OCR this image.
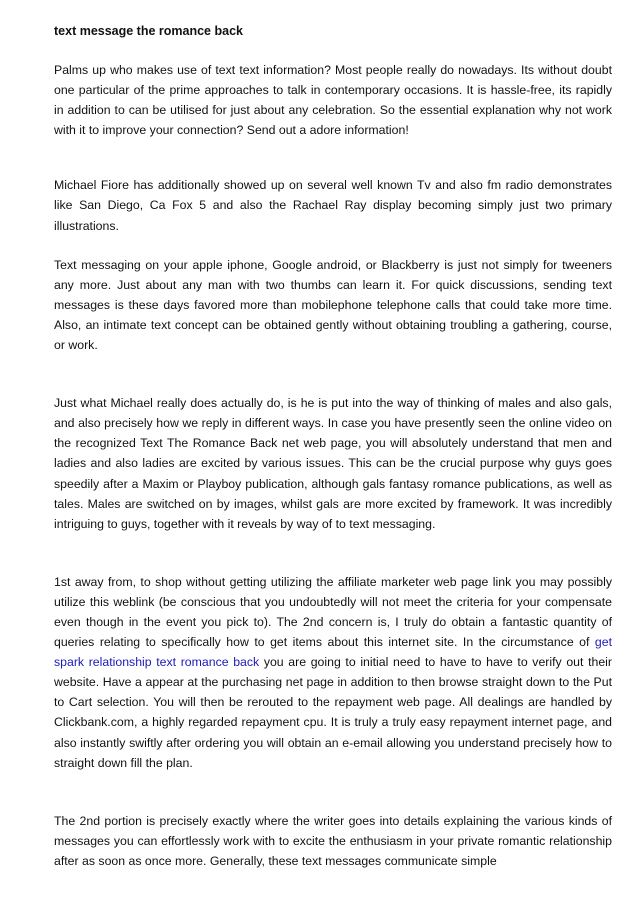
text message the romance back

Palms up who makes use of text text information? Most people really do nowadays. Its without doubt one particular of the prime approaches to talk in contemporary occasions. It is hassle-free, its rapidly in addition to can be utilised for just about any celebration. So the essential explanation why not work with it to improve your connection? Send out a adore information!

Michael Fiore has additionally showed up on several well known Tv and also fm radio demonstrates like San Diego, Ca Fox 5 and also the Rachael Ray display becoming simply just two primary illustrations.

Text messaging on your apple iphone, Google android, or Blackberry is just not simply for tweeners any more. Just about any man with two thumbs can learn it. For quick discussions, sending text messages is these days favored more than mobilephone telephone calls that could take more time. Also, an intimate text concept can be obtained gently without obtaining troubling a gathering, course, or work.

Just what Michael really does actually do, is he is put into the way of thinking of males and also gals, and also precisely how we reply in different ways. In case you have presently seen the online video on the recognized Text The Romance Back net web page, you will absolutely understand that men and ladies and also ladies are excited by various issues. This can be the crucial purpose why guys goes speedily after a Maxim or Playboy publication, although gals fantasy romance publications, as well as tales. Males are switched on by images, whilst gals are more excited by framework. It was incredibly intriguing to guys, together with it reveals by way of to text messaging.

1st away from, to shop without getting utilizing the affiliate marketer web page link you may possibly utilize this weblink (be conscious that you undoubtedly will not meet the criteria for your compensate even though in the event you pick to). The 2nd concern is, I truly do obtain a fantastic quantity of queries relating to specifically how to get items about this internet site. In the circumstance of get spark relationship text romance back you are going to initial need to have to have to verify out their website. Have a appear at the purchasing net page in addition to then browse straight down to the Put to Cart selection. You will then be rerouted to the repayment web page. All dealings are handled by Clickbank.com, a highly regarded repayment cpu. It is truly a truly easy repayment internet page, and also instantly swiftly after ordering you will obtain an e-email allowing you understand precisely how to straight down fill the plan.

The 2nd portion is precisely exactly where the writer goes into details explaining the various kinds of messages you can effortlessly work with to excite the enthusiasm in your private romantic relationship after as soon as once more. Generally, these text messages communicate simple
